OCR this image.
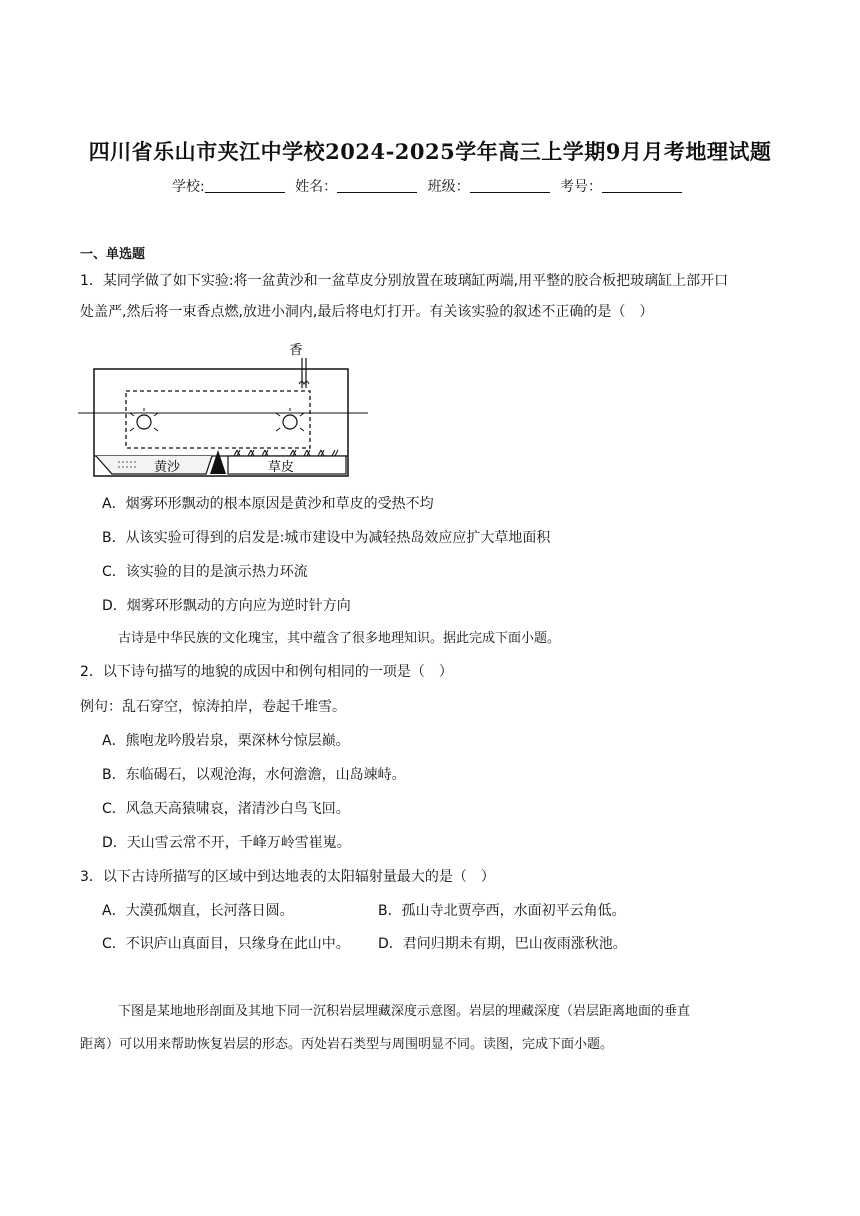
四川省乐山市夹江中学校2024-2025学年高三上学期9月月考地理试题
学校:	姓名：	班级：	考号：
一、单选题
1．某同学做了如下实验:将一盆黄沙和一盆草皮分别放置在玻璃缸两端,用平整的胶合板把玻璃缸上部开口
处盖严,然后将一束香点燃,放进小洞内,最后将电灯打开。有关该实验的叙述不正确的是（　）
香
黄沙	草皮
A．烟雾环形飘动的根本原因是黄沙和草皮的受热不均
B．从该实验可得到的启发是:城市建设中为减轻热岛效应应扩大草地面积
C．该实验的目的是演示热力环流
D．烟雾环形飘动的方向应为逆时针方向
古诗是中华民族的文化瑰宝，其中蕴含了很多地理知识。据此完成下面小题。
2．以下诗句描写的地貌的成因中和例句相同的一项是（　）
例句：乱石穿空，惊涛拍岸，卷起千堆雪。
A．熊咆龙吟殷岩泉，栗深林兮惊层巅。
B．东临碣石，以观沧海，水何澹澹，山岛竦峙。
C．风急天高猿啸哀，渚清沙白鸟飞回。
D．天山雪云常不开，千峰万岭雪崔嵬。
3．以下古诗所描写的区域中到达地表的太阳辐射量最大的是（　）
A．大漠孤烟直，长河落日圆。	B．孤山寺北贾亭西，水面初平云角低。
C．不识庐山真面目，只缘身在此山中。 D．君问归期未有期，巴山夜雨涨秋池。
下图是某地地形剖面及其地下同一沉积岩层埋藏深度示意图。岩层的埋藏深度（岩层距离地面的垂直
距离）可以用来帮助恢复岩层的形态。丙处岩石类型与周围明显不同。读图，完成下面小题。
